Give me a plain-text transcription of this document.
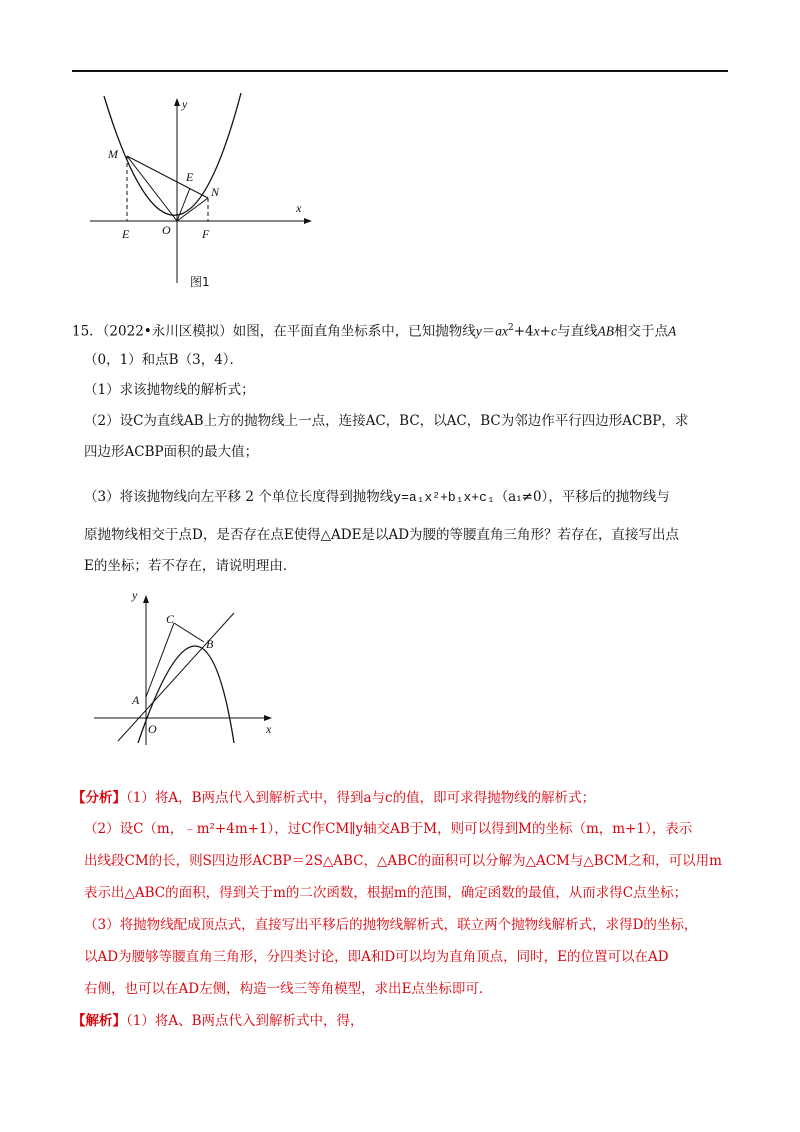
y
x
M
E
N
E	O	F
图1
15．（2022•永川区模拟）如图，在平面直角坐标系中，已知抛物线$y=ax^2+4x+c$与直线AB相交于点A
（0，1）和点B（3，4）．
（1）求该抛物线的解析式；
（2）设C为直线AB上方的抛物线上一点，连接AC，BC，以AC，BC为邻边作平行四边形ACBP，求
四边形ACBP面积的最大值；
（3）将该抛物线向左平移 2 个单位长度得到抛物线y=a₁x²+b₁x+c₁（a₁≠0），平移后的抛物线与
原抛物线相交于点D，是否存在点E使得△ADE是以AD为腰的等腰直角三角形？若存在，直接写出点
E的坐标；若不存在，请说明理由．
y
x
C
B
A
O
【分析】（1）将A，B两点代入到解析式中，得到a与c的值，即可求得抛物线的解析式；
（2）设C（m，﹣m²+4m+1），过C作CM∥y轴交AB于M，则可以得到M的坐标（m，m+1），表示
出线段CM的长，则S四边形ACBP＝2S△ABC，△ABC的面积可以分解为△ACM与△BCM之和，可以用m
表示出△ABC的面积，得到关于m的二次函数，根据m的范围，确定函数的最值，从而求得C点坐标；
（3）将抛物线配成顶点式，直接写出平移后的抛物线解析式，联立两个抛物线解析式，求得D的坐标，
以AD为腰够等腰直角三角形，分四类讨论，即A和D可以均为直角顶点，同时，E的位置可以在AD
右侧，也可以在AD左侧，构造一线三等角模型，求出E点坐标即可．
【解析】（1）将A、B两点代入到解析式中，得，
